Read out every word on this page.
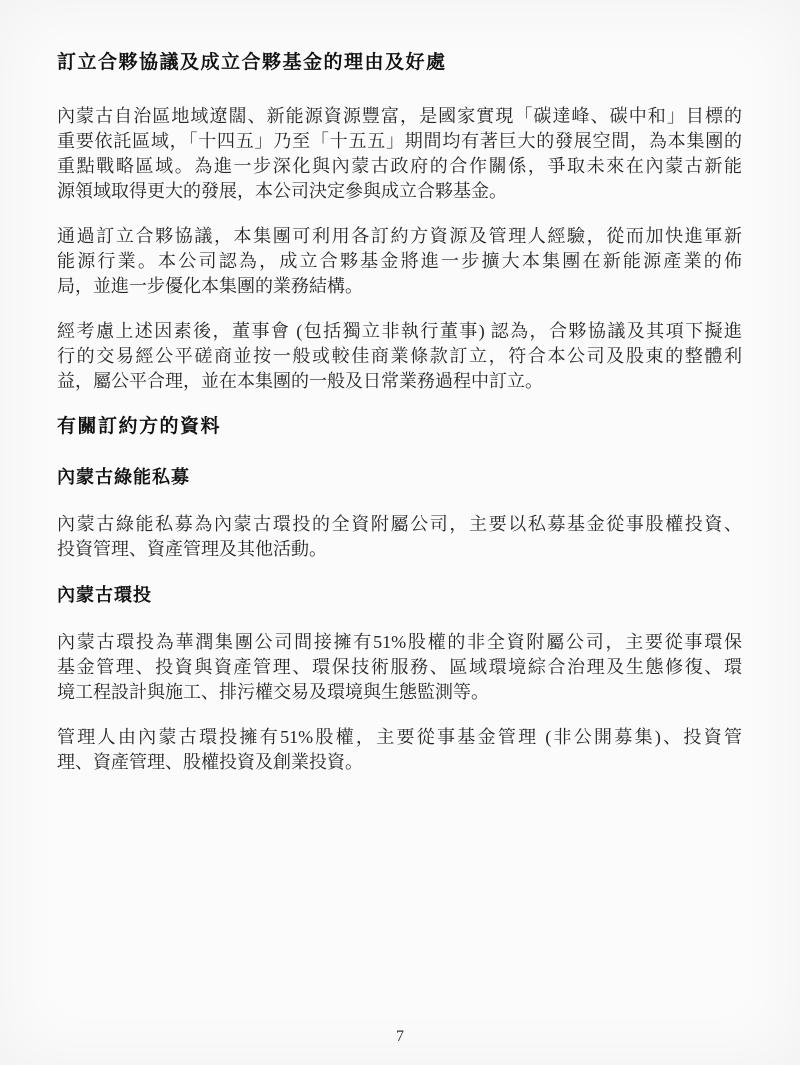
訂立合夥協議及成立合夥基金的理由及好處

內蒙古自治區地域遼闊、新能源資源豐富，是國家實現「碳達峰、碳中和」目標的
重要依託區域，「十四五」乃至「十五五」期間均有著巨大的發展空間，為本集團的
重點戰略區域。為進一步深化與內蒙古政府的合作關係，爭取未來在內蒙古新能
源領域取得更大的發展，本公司決定參與成立合夥基金。

通過訂立合夥協議，本集團可利用各訂約方資源及管理人經驗，從而加快進軍新
能源行業。本公司認為，成立合夥基金將進一步擴大本集團在新能源產業的佈
局，並進一步優化本集團的業務結構。

經考慮上述因素後，董事會 (包括獨立非執行董事) 認為，合夥協議及其項下擬進
行的交易經公平磋商並按一般或較佳商業條款訂立，符合本公司及股東的整體利
益，屬公平合理，並在本集團的一般及日常業務過程中訂立。

有關訂約方的資料
內蒙古綠能私募

內蒙古綠能私募為內蒙古環投的全資附屬公司，主要以私募基金從事股權投資、
投資管理、資產管理及其他活動。

內蒙古環投

內蒙古環投為華潤集團公司間接擁有51%股權的非全資附屬公司，主要從事環保
基金管理、投資與資產管理、環保技術服務、區域環境綜合治理及生態修復、環
境工程設計與施工、排污權交易及環境與生態監測等。

管理人由內蒙古環投擁有51%股權，主要從事基金管理 (非公開募集)、投資管
理、資產管理、股權投資及創業投資。

7
